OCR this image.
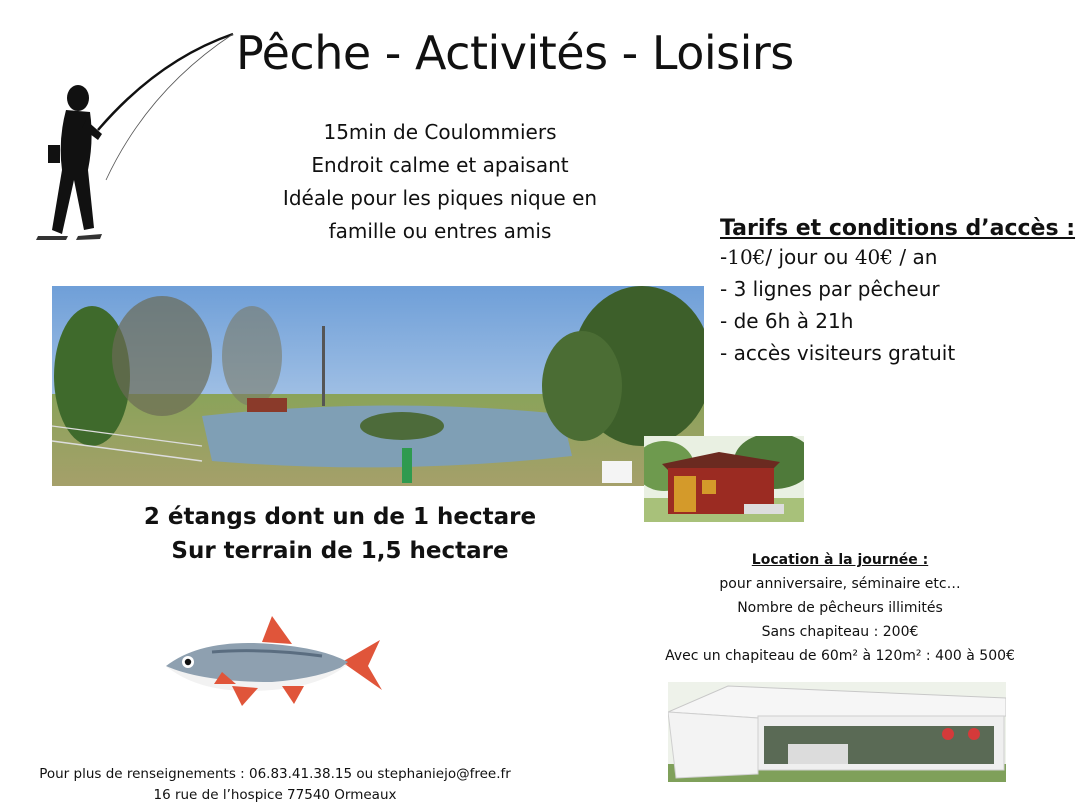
Pêche - Activités - Loisirs
15min de Coulommiers
Endroit calme et apaisant
Idéale pour les piques nique en
famille ou entres amis	Tarifs et conditions d’accès :
-10€/ jour ou 40€ / an
- 3 lignes par pêcheur
- de 6h à 21h
- accès visiteurs gratuit
2 étangs dont un de 1 hectare
Sur terrain de 1,5 hectare	Location à la journée :
pour anniversaire, séminaire etc…
Nombre de pêcheurs illimités
Sans chapiteau : 200€
Avec un chapiteau de 60m² à 120m² : 400 à 500€
Pour plus de renseignements : 06.83.41.38.15 ou stephaniejo@free.fr
16 rue de l’hospice 77540 Ormeaux
